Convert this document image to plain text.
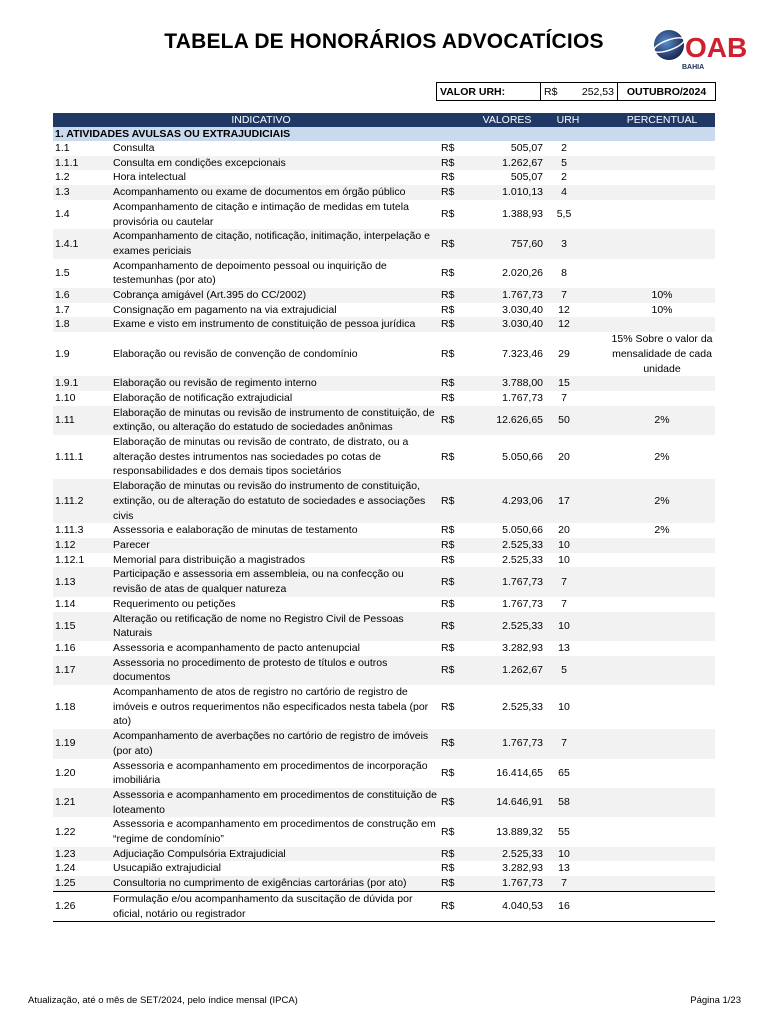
TABELA DE HONORÁRIOS ADVOCATÍCIOS	OAB
BAHIA
VALOR URH:	R$ 252,53	OUTUBRO/2024
INDICATIVO			VALORES	URH	PERCENTUAL
1. ATIVIDADES AVULSAS OU EXTRAJUDICIAIS					
1.1	Consulta	R$	505,07	2	
1.1.1	Consulta em condições excepcionais	R$	1.262,67	5	
1.2	Hora intelectual	R$	505,07	2	
1.3	Acompanhamento ou exame de documentos em órgão público	R$	1.010,13	4	
1.4	Acompanhamento de citação e intimação de medidas em tutela provisória ou cautelar	R$	1.388,93	5,5	
1.4.1	Acompanhamento de citação, notificação, initimação, interpelação e exames periciais	R$	757,60	3	
1.5	Acompanhamento de depoimento pessoal ou inquirição de testemunhas (por ato)	R$	2.020,26	8	
1.6	Cobrança amigável (Art.395 do CC/2002)	R$	1.767,73	7	10%
1.7	Consignação em pagamento na via extrajudicial	R$	3.030,40	12	10%
1.8	Exame e visto em instrumento de constituição de pessoa jurídica	R$	3.030,40	12	
1.9	Elaboração ou revisão de convenção de condomínio	R$	7.323,46	29	15% Sobre o valor da mensalidade de cada unidade
1.9.1	Elaboração ou revisão de regimento interno	R$	3.788,00	15	
1.10	Elaboração de notificação extrajudicial	R$	1.767,73	7	
1.11	Elaboração de minutas ou revisão de instrumento de constituição, de extinção, ou alteração do estatudo de sociedades anônimas	R$	12.626,65	50	2%
1.11.1	Elaboração de minutas ou revisão de contrato, de distrato, ou a alteração destes intrumentos nas sociedades po cotas de responsabilidades e dos demais tipos societários	R$	5.050,66	20	2%
1.11.2	Elaboração de minutas ou revisão do instrumento de constituição, extinção, ou de alteração do estatuto de sociedades e associações civis	R$	4.293,06	17	2%
1.11.3	Assessoria e ealaboração de minutas de testamento	R$	5.050,66	20	2%
1.12	Parecer	R$	2.525,33	10	
1.12.1	Memorial para distribuição a magistrados	R$	2.525,33	10	
1.13	Participação e assessoria em assembleia, ou na confecção ou revisão de atas de qualquer natureza	R$	1.767,73	7	
1.14	Requerimento ou petições	R$	1.767,73	7	
1.15	Alteração ou retificação de nome no Registro Civil de Pessoas Naturais	R$	2.525,33	10	
1.16	Assessoria e acompanhamento de pacto antenupcial	R$	3.282,93	13	
1.17	Assessoria no procedimento de protesto de títulos e outros documentos	R$	1.262,67	5	
1.18	Acompanhamento de atos de registro no cartório de registro de imóveis e outros requerimentos não especificados nesta tabela (por ato)	R$	2.525,33	10	
1.19	Acompanhamento de averbações no cartório de registro de imóveis (por ato)	R$	1.767,73	7	
1.20	Assessoria e acompanhamento em procedimentos de incorporação imobiliária	R$	16.414,65	65	
1.21	Assessoria e acompanhamento em procedimentos de constituição de loteamento	R$	14.646,91	58	
1.22	Assessoria e acompanhamento em procedimentos de construção em “regime de condomínio”	R$	13.889,32	55	
1.23	Adjuciação Compulsória Extrajudicial	R$	2.525,33	10	
1.24	Usucapião extrajudicial	R$	3.282,93	13	
1.25	Consultoria no cumprimento de exigências cartorárias (por ato)	R$	1.767,73	7	
1.26	Formulação e/ou acompanhamento da suscitação de dúvida por oficial, notário ou registrador	R$	4.040,53	16	
Atualização, até o mês de SET/2024, pelo índice mensal (IPCA)	Página 1/23
